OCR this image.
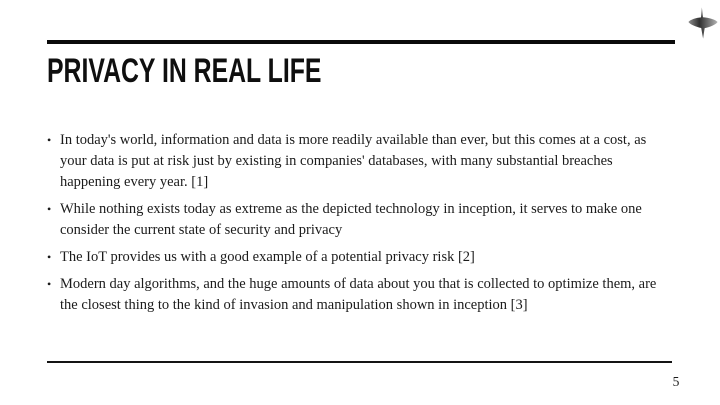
PRIVACY IN REAL LIFE
• In today's world, information and data is more readily available than ever, but this comes at a cost, as your data is put at risk just by existing in companies' databases, with many substantial breaches happening every year. [1]
• While nothing exists today as extreme as the depicted technology in inception, it serves to make one consider the current state of security and privacy
• The IoT provides us with a good example of a potential privacy risk [2]
• Modern day algorithms, and the huge amounts of data about you that is collected to optimize them, are the closest thing to the kind of invasion and manipulation shown in inception [3]
5
